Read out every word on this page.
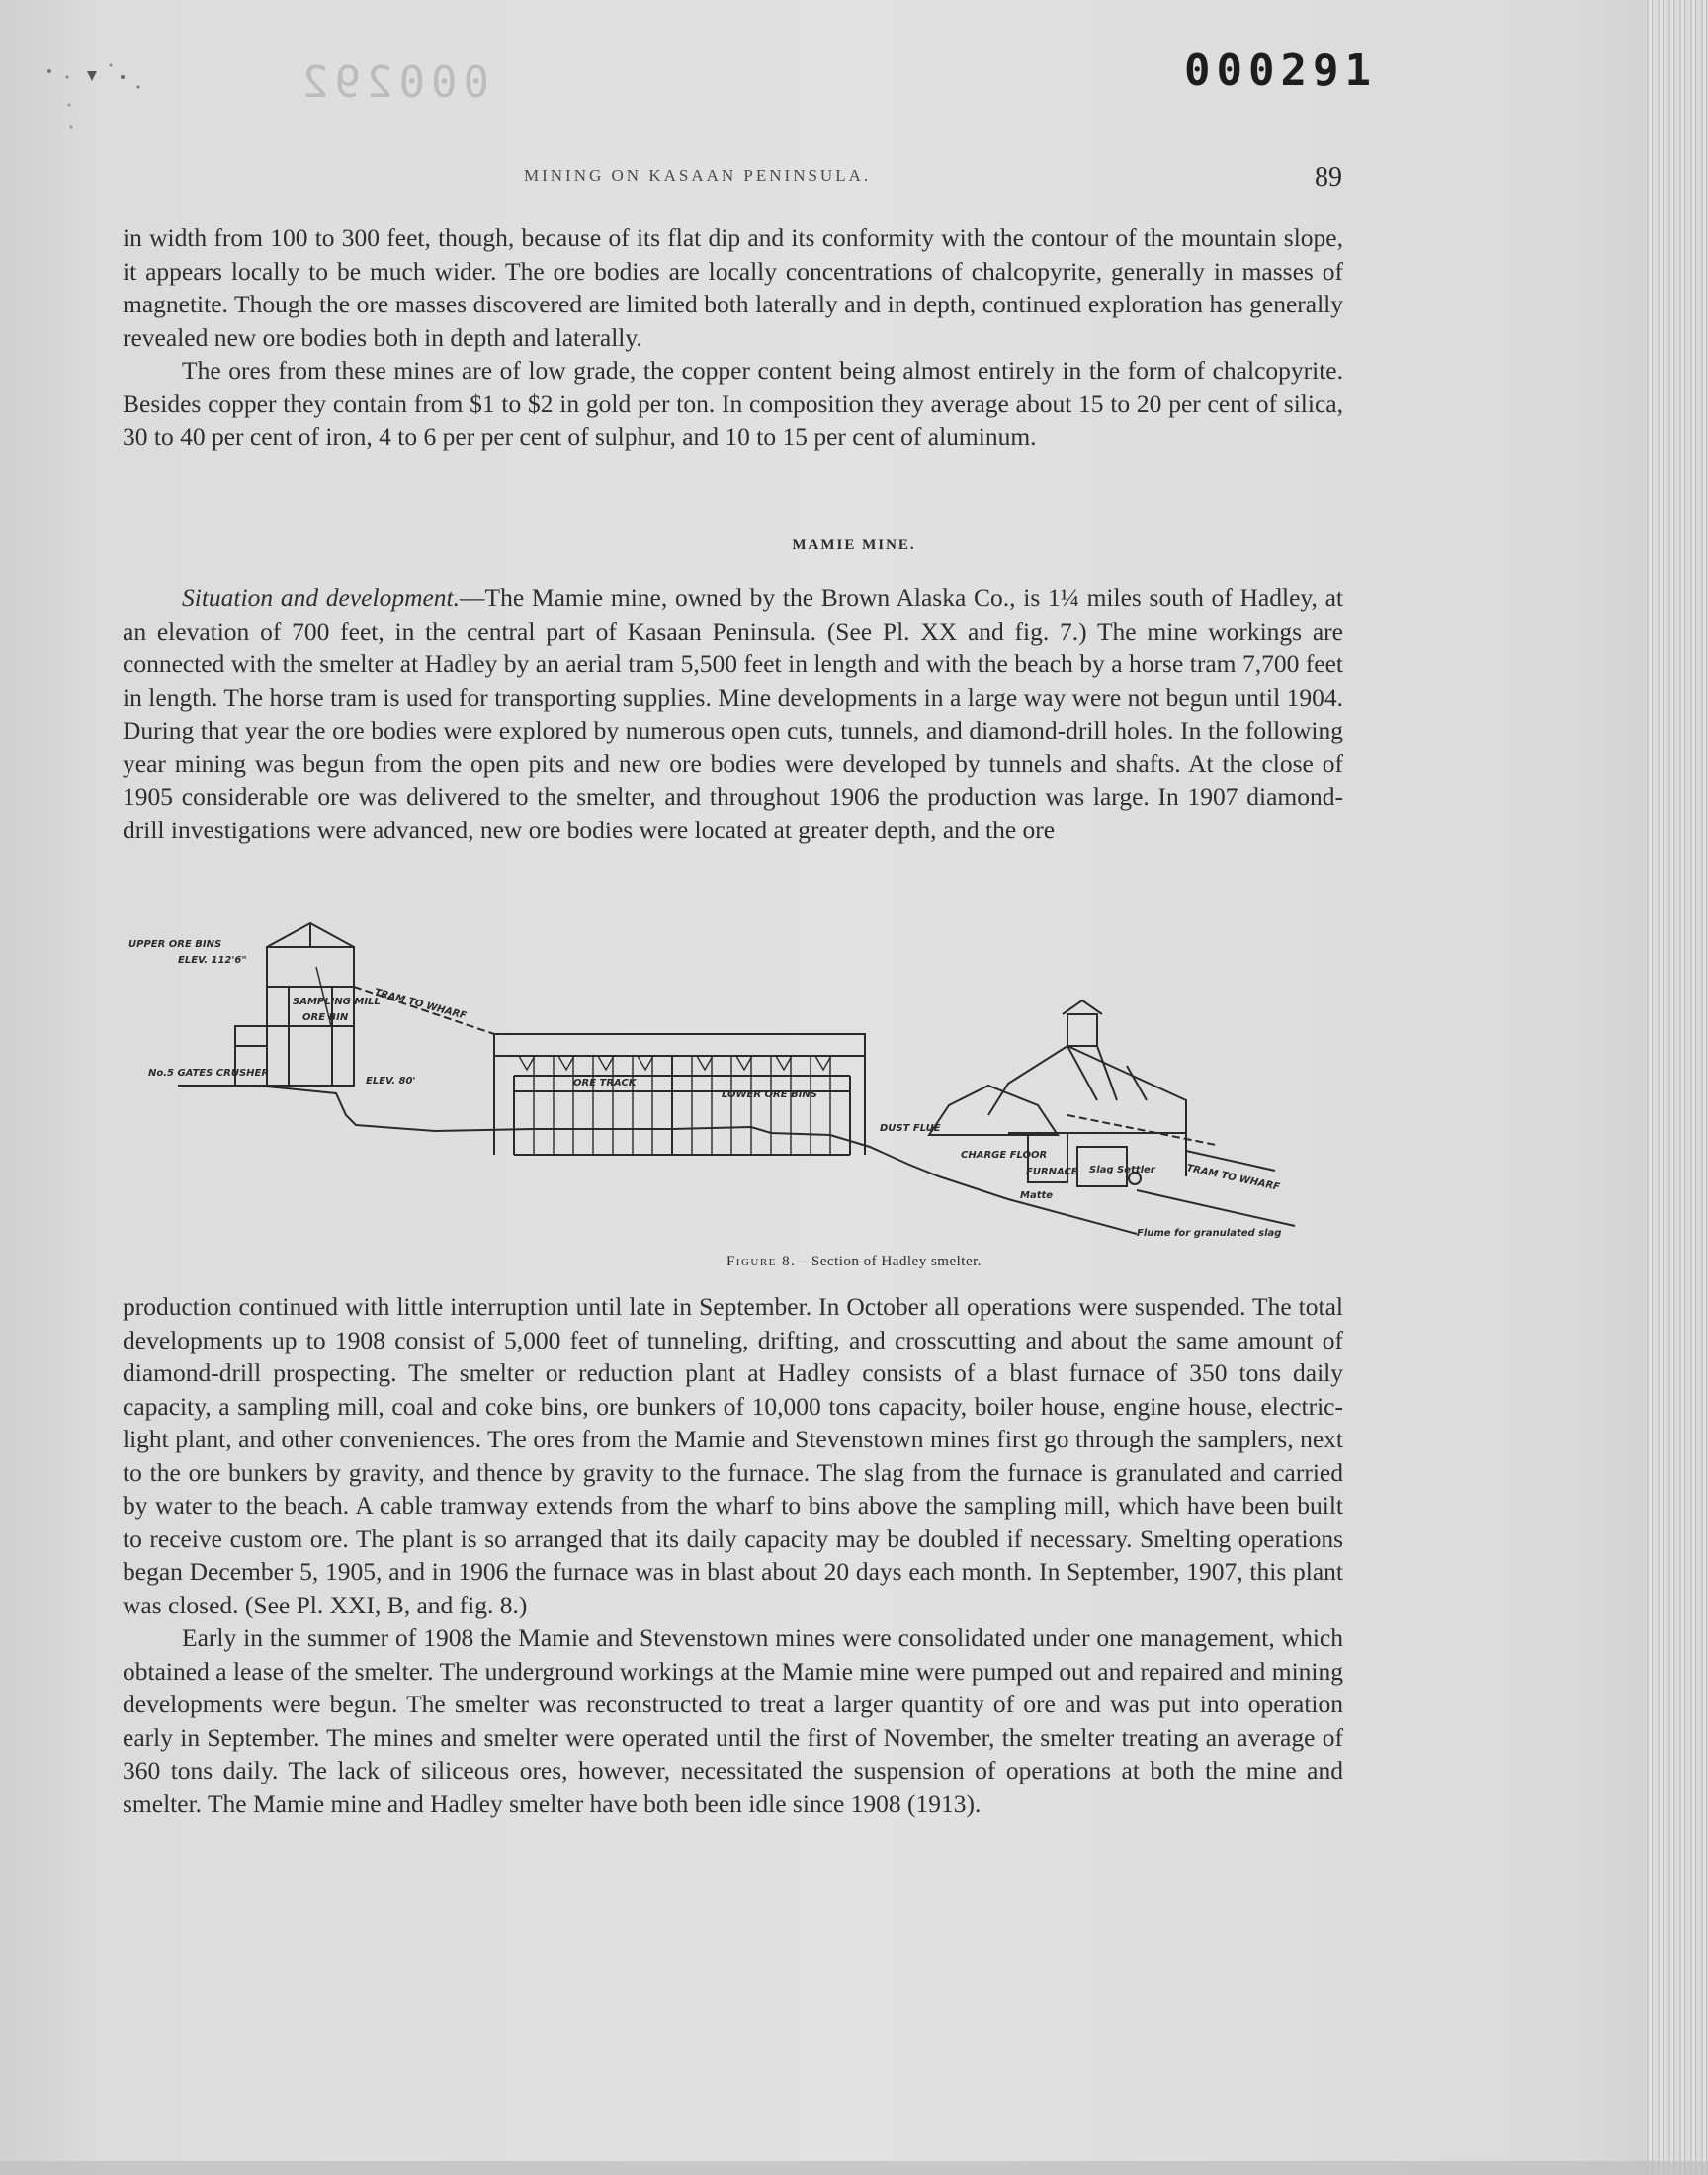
000292	000291
MINING ON KASAAN PENINSULA.	89

in width from 100 to 300 feet, though, because of its flat dip and its conformity with the contour of the mountain slope, it appears locally to be much wider. The ore bodies are locally concentrations of chalcopyrite, generally in masses of magnetite. Though the ore masses discovered are limited both laterally and in depth, continued exploration has generally revealed new ore bodies both in depth and laterally.

The ores from these mines are of low grade, the copper content being almost entirely in the form of chalcopyrite. Besides copper they contain from $1 to $2 in gold per ton. In composition they average about 15 to 20 per cent of silica, 30 to 40 per cent of iron, 4 to 6 per per cent of sulphur, and 10 to 15 per cent of aluminum.

MAMIE MINE.

Situation and development.—The Mamie mine, owned by the Brown Alaska Co., is 1¼ miles south of Hadley, at an elevation of 700 feet, in the central part of Kasaan Peninsula. (See Pl. XX and fig. 7.) The mine workings are connected with the smelter at Hadley by an aerial tram 5,500 feet in length and with the beach by a horse tram 7,700 feet in length. The horse tram is used for transporting supplies. Mine developments in a large way were not begun until 1904. During that year the ore bodies were explored by numerous open cuts, tunnels, and diamond-drill holes. In the following year mining was begun from the open pits and new ore bodies were developed by tunnels and shafts. At the close of 1905 considerable ore was delivered to the smelter, and throughout 1906 the production was large. In 1907 diamond-drill investigations were advanced, new ore bodies were located at greater depth, and the ore

UPPER ORE BINS
ELEV. 112'6"
TRAM TO WHARF
SAMPLING MILL
ORE BIN
No.5 GATES CRUSHER
ELEV. 80'	ORE TRACK
LOWER ORE BINS
DUST FLUE
CHARGE FLOOR
FURNACE Slag Settler
Matte
TRAM TO WHARF
Flume for granulated slag
Figure 8.—Section of Hadley smelter.

production continued with little interruption until late in September. In October all operations were suspended. The total developments up to 1908 consist of 5,000 feet of tunneling, drifting, and crosscutting and about the same amount of diamond-drill prospecting. The smelter or reduction plant at Hadley consists of a blast furnace of 350 tons daily capacity, a sampling mill, coal and coke bins, ore bunkers of 10,000 tons capacity, boiler house, engine house, electric-light plant, and other conveniences. The ores from the Mamie and Stevenstown mines first go through the samplers, next to the ore bunkers by gravity, and thence by gravity to the furnace. The slag from the furnace is granulated and carried by water to the beach. A cable tramway extends from the wharf to bins above the sampling mill, which have been built to receive custom ore. The plant is so arranged that its daily capacity may be doubled if necessary. Smelting operations began December 5, 1905, and in 1906 the furnace was in blast about 20 days each month. In September, 1907, this plant was closed. (See Pl. XXI, B, and fig. 8.)

Early in the summer of 1908 the Mamie and Stevenstown mines were consolidated under one management, which obtained a lease of the smelter. The underground workings at the Mamie mine were pumped out and repaired and mining developments were begun. The smelter was reconstructed to treat a larger quantity of ore and was put into operation early in September. The mines and smelter were operated until the first of November, the smelter treating an average of 360 tons daily. The lack of siliceous ores, however, necessitated the suspension of operations at both the mine and smelter. The Mamie mine and Hadley smelter have both been idle since 1908 (1913).
